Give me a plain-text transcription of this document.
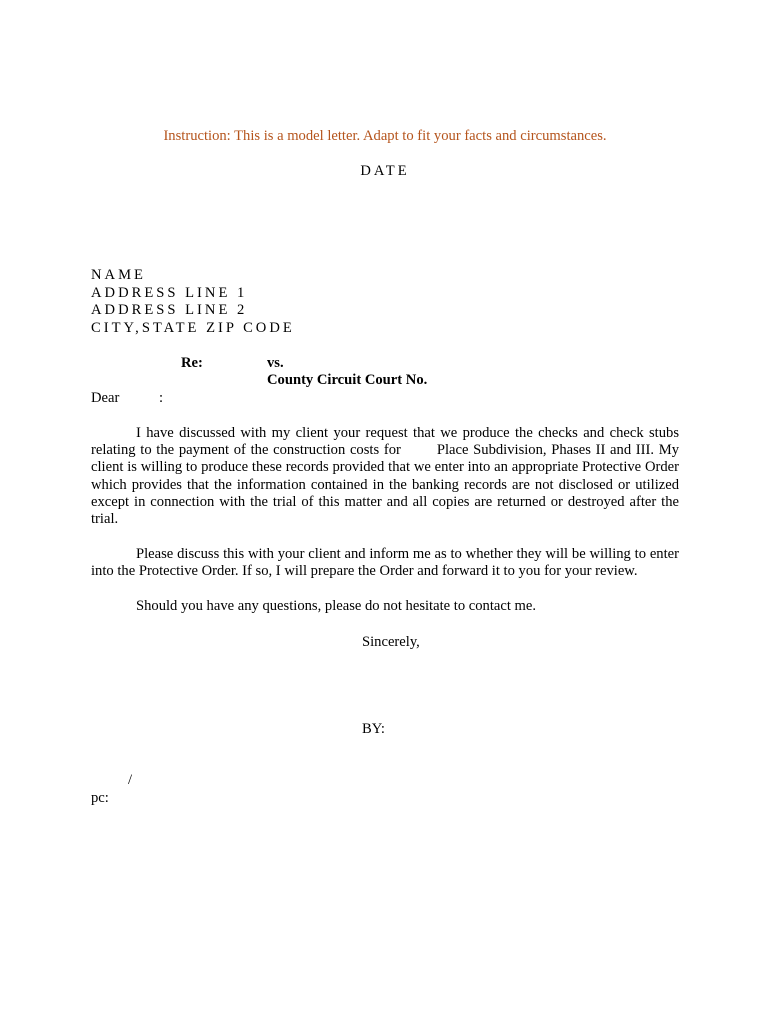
Instruction: This is a model letter. Adapt to fit your facts and circumstances.
DATE
NAME
ADDRESS LINE 1
ADDRESS LINE 2
CITY,STATE ZIP CODE
Re:	vs.
County Circuit Court No.
Dear	:
I have discussed with my client your request that we produce the checks and check stubs relating to the payment of the construction costs for Place Subdivision, Phases II and III. My client is willing to produce these records provided that we enter into an appropriate Protective Order which provides that the information contained in the banking records are not disclosed or utilized except in connection with the trial of this matter and all copies are returned or destroyed after the trial.
Please discuss this with your client and inform me as to whether they will be willing to enter into the Protective Order. If so, I will prepare the Order and forward it to you for your review.
Should you have any questions, please do not hesitate to contact me.
Sincerely,
BY:
/
pc:
